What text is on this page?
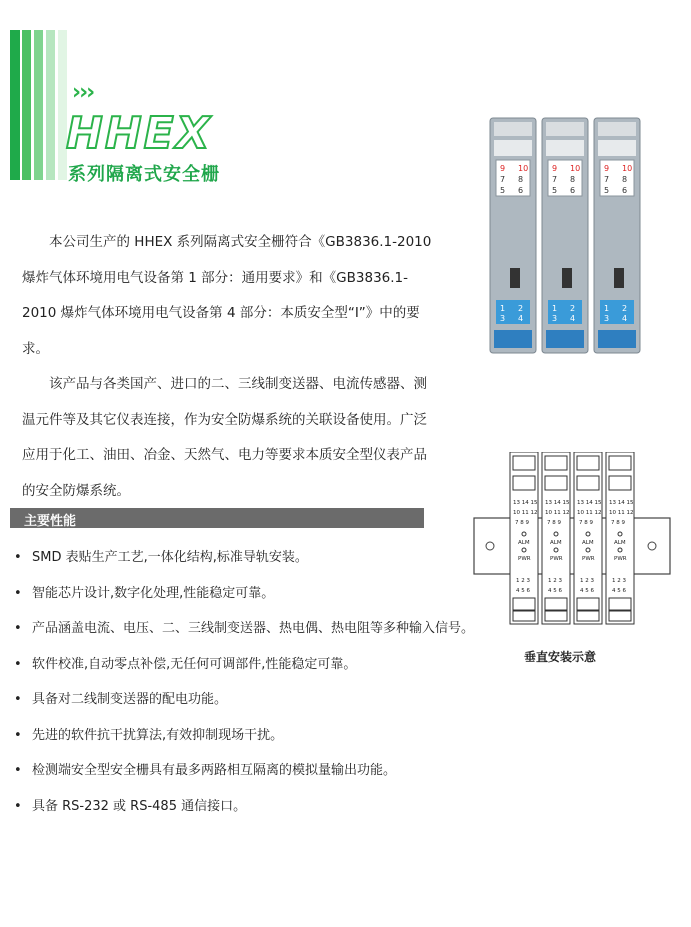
›››
HHEX
系列隔离式安全栅

本公司生产的 HHEX 系列隔离式安全栅符合《GB3836.1-2010 爆炸气体环境用电气设备第 1 部分：通用要求》和《GB3836.1-2010 爆炸气体环境用电气设备第 4 部分：本质安全型“I”》中的要求。

该产品与各类国产、进口的二、三线制变送器、电流传感器、测温元件等及其它仪表连接，作为安全防爆系统的关联设备使用。广泛应用于化工、油田、冶金、天然气、电力等要求本质安全型仪表产品的安全防爆系统。

主要性能
• SMD 表贴生产工艺,一体化结构,标准导轨安装。
• 智能芯片设计,数字化处理,性能稳定可靠。
• 产品涵盖电流、电压、二、三线制变送器、热电偶、热电阻等多种输入信号。
• 软件校准,自动零点补偿,无任何可调部件,性能稳定可靠。
• 具备对二线制变送器的配电功能。
• 先进的软件抗干扰算法,有效抑制现场干扰。
• 检测端安全型安全栅具有最多两路相互隔离的模拟量输出功能。
• 具备 RS-232 或 RS-485 通信接口。
9 10
7 8
5 6
1 2
3 4
9 10
7 8
5 6
1 2
3 4
9 10
7 8
5 6
1 2
3 4
13 14 15
10 11 12
7 8 9
ALM
PWR
1 2 3
4 5 6
13 14 15
10 11 12
7 8 9
ALM
PWR
1 2 3
4 5 6
13 14 15
10 11 12
7 8 9
ALM
PWR
1 2 3
4 5 6
13 14 15
10 11 12
7 8 9
ALM
PWR
1 2 3
4 5 6
垂直安装示意
